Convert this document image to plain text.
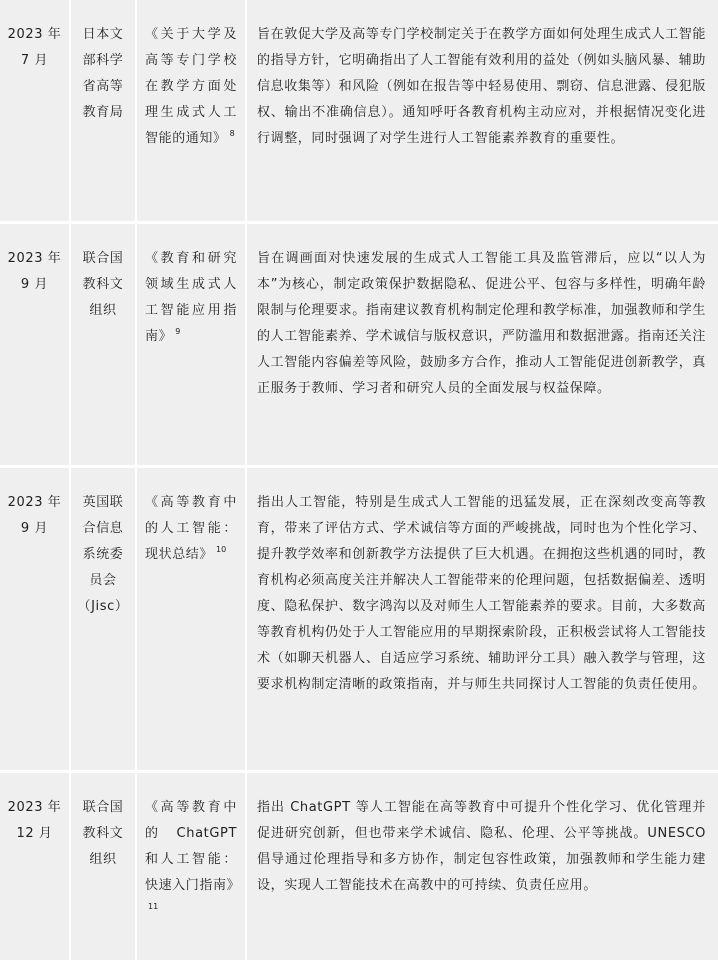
2023 年 7 月	日本文部科学省高等教育局	《关于大学及高等专门学校在教学方面处理生成式人工智能的通知》 $^8$	旨在敦促大学及高等专门学校制定关于在教学方面如何处理生成式人工智能的指导方针，它明确指出了人工智能有效利用的益处（例如头脑风暴、辅助信息收集等）和风险（例如在报告等中轻易使用、剽窃、信息泄露、侵犯版权、输出不准确信息）。通知呼吁各教育机构主动应对，并根据情况变化进行调整，同时强调了对学生进行人工智能素养教育的重要性。
2023 年 9 月	联合国教科文组织	《教育和研究领域生成式人工智能应用指南》 $^9$	旨在调画面对快速发展的生成式人工智能工具及监管滞后，应以“以人为本”为核心，制定政策保护数据隐私、促进公平、包容与多样性，明确年龄限制与伦理要求。指南建议教育机构制定伦理和教学标准，加强教师和学生的人工智能素养、学术诚信与版权意识，严防滥用和数据泄露。指南还关注人工智能内容偏差等风险，鼓励多方合作，推动人工智能促进创新教学，真正服务于教师、学习者和研究人员的全面发展与权益保障。
2023 年 9 月	英国联合信息系统委员会（Jisc）	《高等教育中的人工智能：现状总结》 $^{10}$	指出人工智能，特别是生成式人工智能的迅猛发展，正在深刻改变高等教育，带来了评估方式、学术诚信等方面的严峻挑战，同时也为个性化学习、提升教学效率和创新教学方法提供了巨大机遇。在拥抱这些机遇的同时，教育机构必须高度关注并解决人工智能带来的伦理问题，包括数据偏差、透明度、隐私保护、数字鸿沟以及对师生人工智能素养的要求。目前，大多数高等教育机构仍处于人工智能应用的早期探索阶段，正积极尝试将人工智能技术（如聊天机器人、自适应学习系统、辅助评分工具）融入教学与管理，这要求机构制定清晰的政策指南，并与师生共同探讨人工智能的负责任使用。
2023 年 12 月	联合国教科文组织	《高等教育中的 ChatGPT 和人工智能：快速入门指南》$^{11}$	指出 ChatGPT 等人工智能在高等教育中可提升个性化学习、优化管理并促进研究创新，但也带来学术诚信、隐私、伦理、公平等挑战。UNESCO 倡导通过伦理指导和多方协作，制定包容性政策，加强教师和学生能力建设，实现人工智能技术在高教中的可持续、负责任应用。
